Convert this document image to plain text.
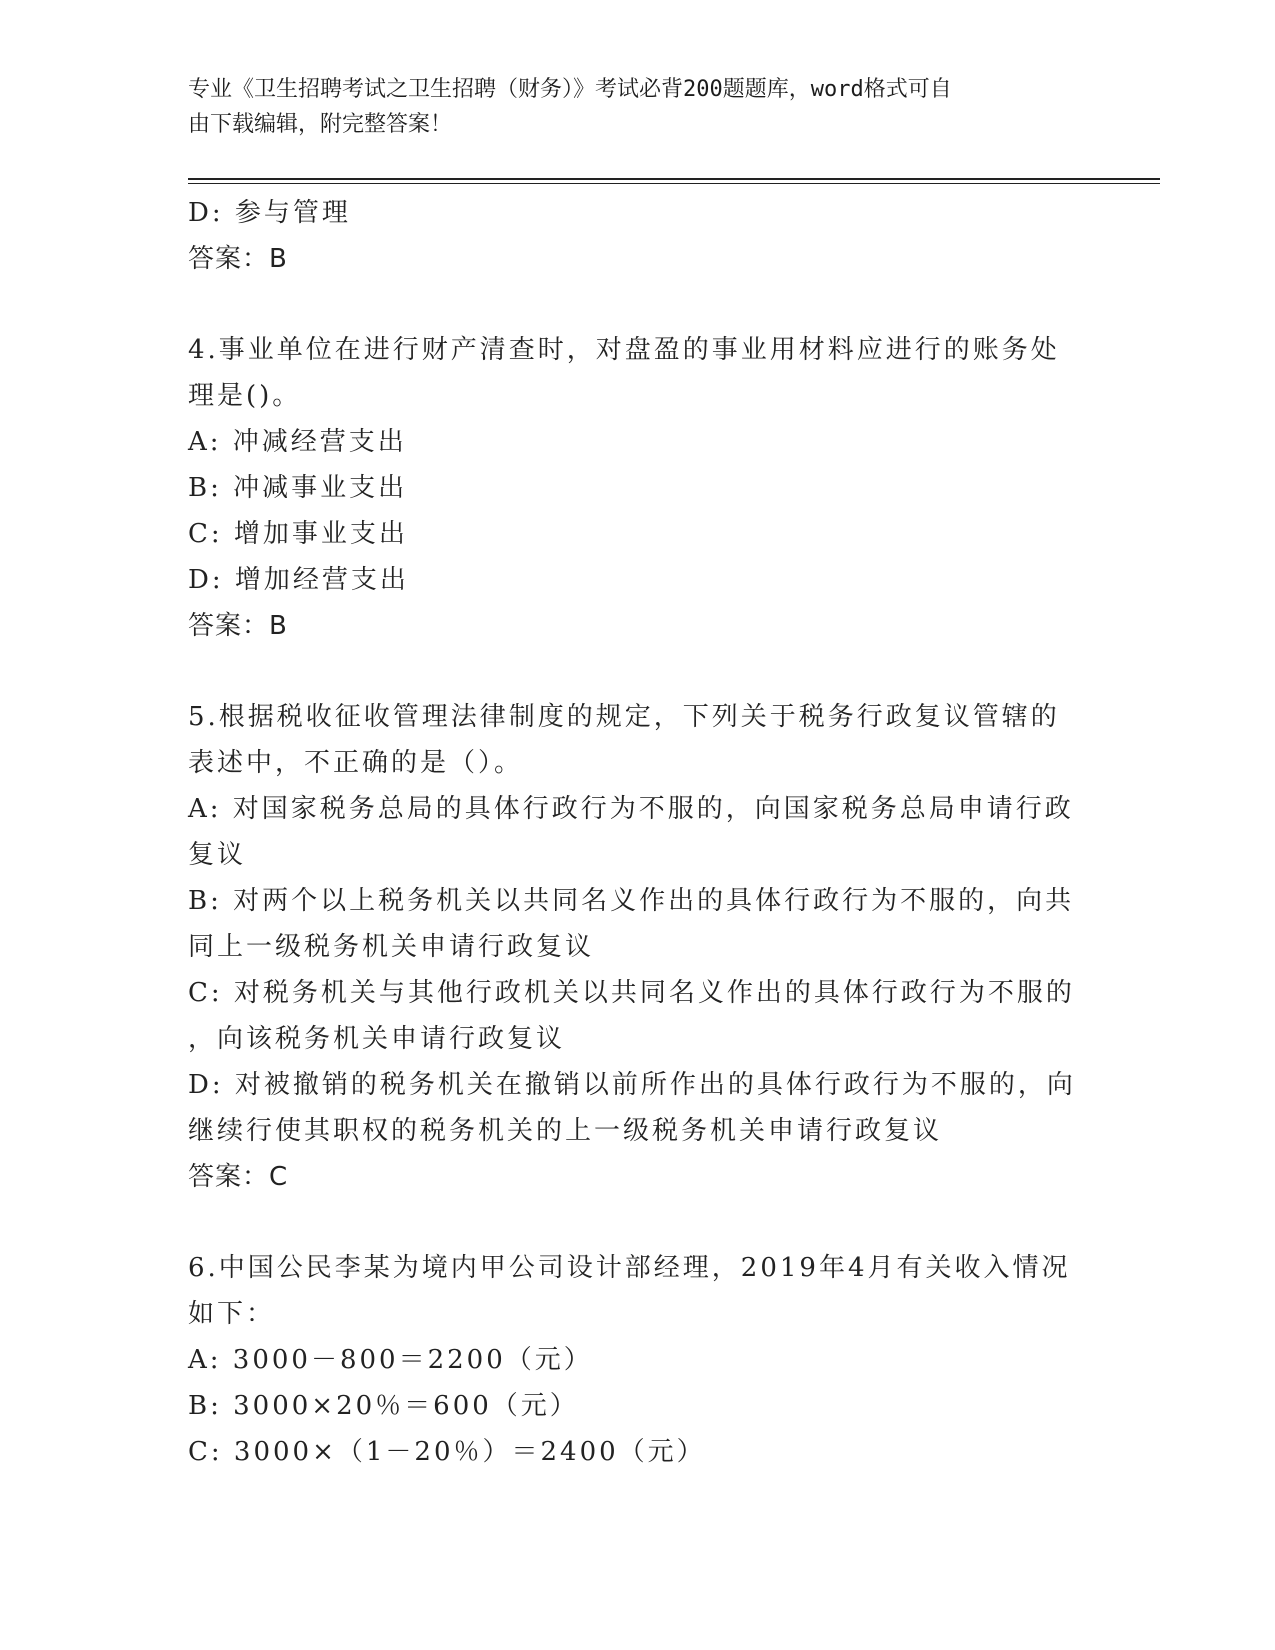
专业《卫生招聘考试之卫生招聘（财务）》考试必背200题题库，word格式可自
由下载编辑，附完整答案！
D: 参与管理
答案：B
4.事业单位在进行财产清查时，对盘盈的事业用材料应进行的账务处
理是()。
A: 冲减经营支出
B: 冲减事业支出
C: 增加事业支出
D: 增加经营支出
答案：B
5.根据税收征收管理法律制度的规定，下列关于税务行政复议管辖的
表述中，不正确的是（）。
A: 对国家税务总局的具体行政行为不服的，向国家税务总局申请行政
复议
B: 对两个以上税务机关以共同名义作出的具体行政行为不服的，向共
同上一级税务机关申请行政复议
C: 对税务机关与其他行政机关以共同名义作出的具体行政行为不服的
，向该税务机关申请行政复议
D: 对被撤销的税务机关在撤销以前所作出的具体行政行为不服的，向
继续行使其职权的税务机关的上一级税务机关申请行政复议
答案：C
6.中国公民李某为境内甲公司设计部经理，2019年4月有关收入情况
如下：
A: 3000－800＝2200（元）
B: 3000×20％＝600（元）
C: 3000×（1－20％）＝2400（元）
